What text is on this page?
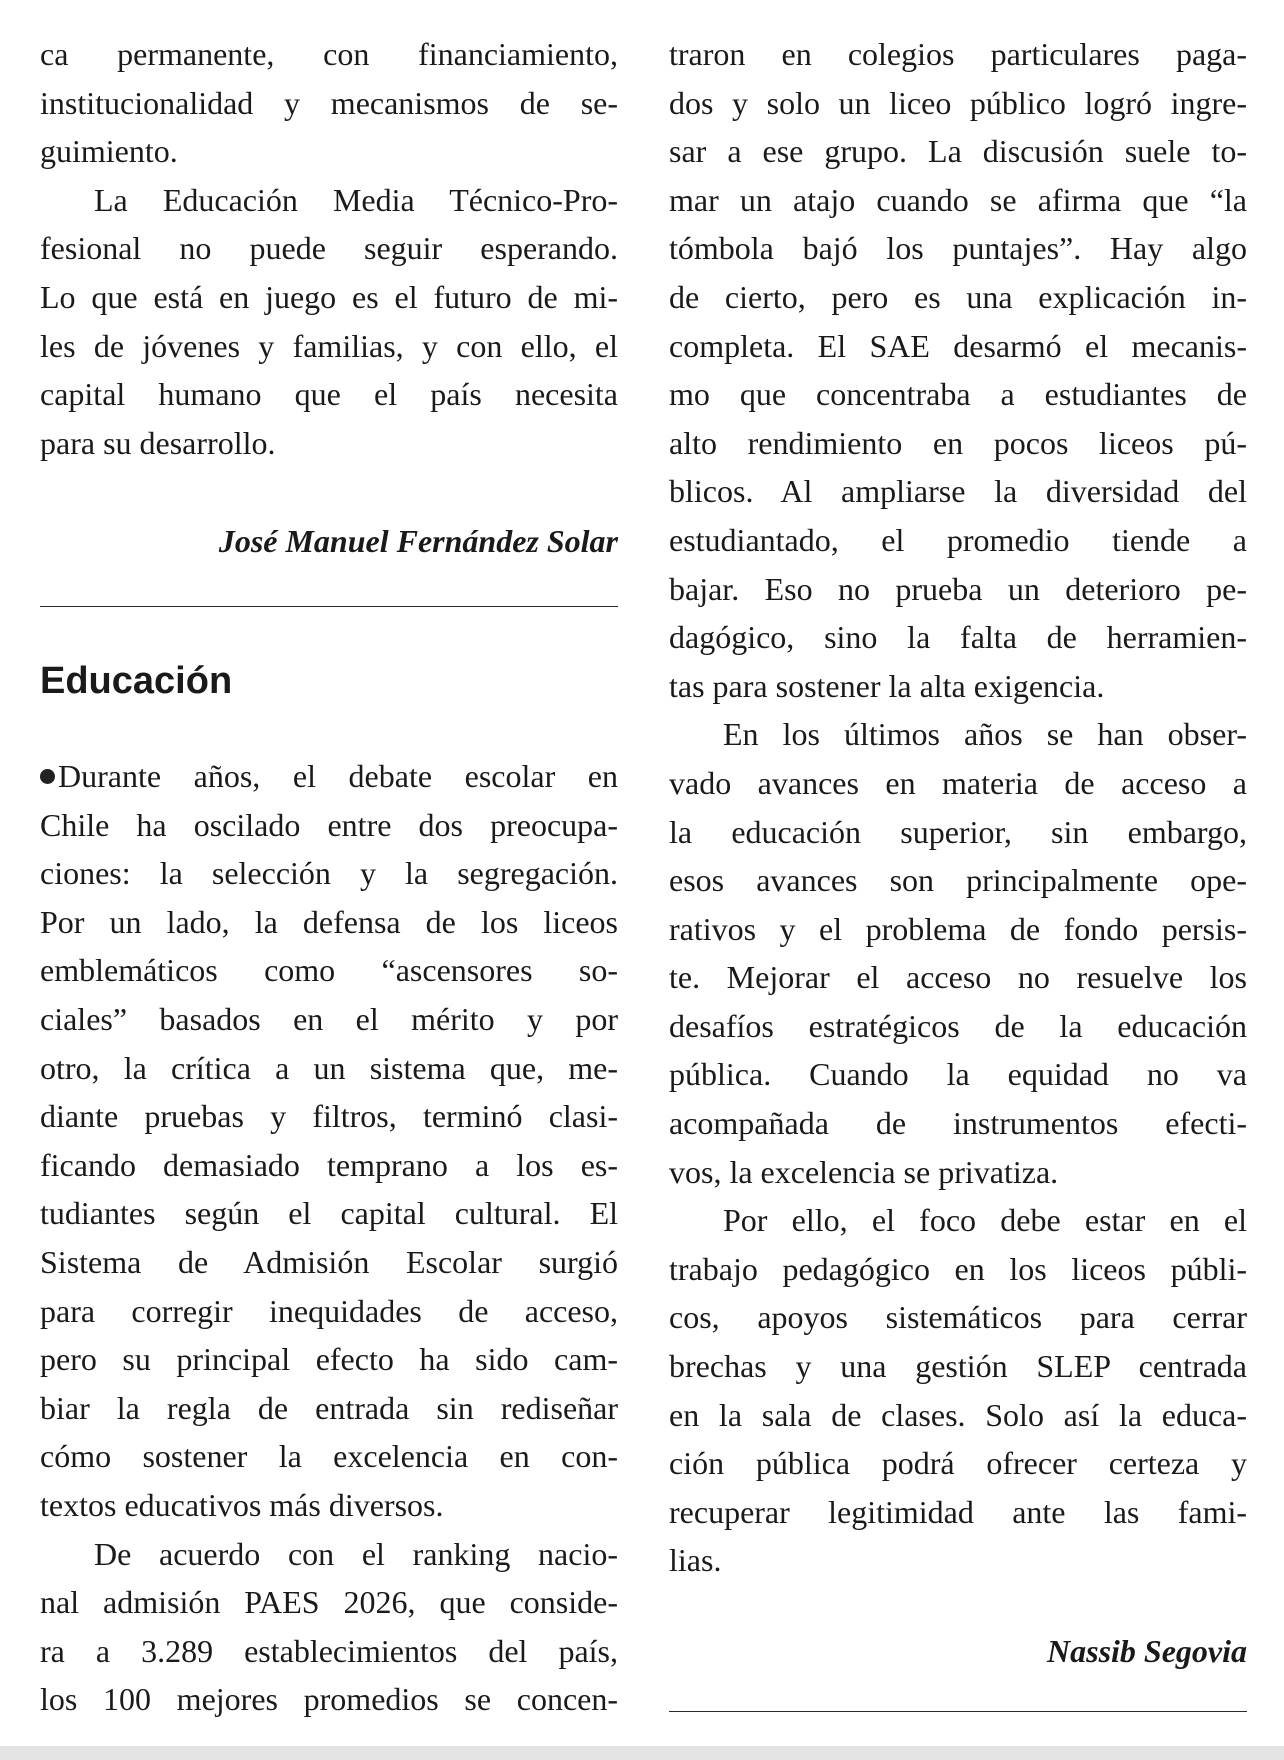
ca permanente, con financiamiento,
institucionalidad y mecanismos de se-
guimiento.
La Educación Media Técnico-Pro-
fesional no puede seguir esperando.
Lo que está en juego es el futuro de mi-
les de jóvenes y familias, y con ello, el
capital humano que el país necesita
para su desarrollo.
José Manuel Fernández Solar
Educación
Durante años, el debate escolar en
Chile ha oscilado entre dos preocupa-
ciones: la selección y la segregación.
Por un lado, la defensa de los liceos
emblemáticos como “ascensores so-
ciales” basados en el mérito y por
otro, la crítica a un sistema que, me-
diante pruebas y filtros, terminó clasi-
ficando demasiado temprano a los es-
tudiantes según el capital cultural. El
Sistema de Admisión Escolar surgió
para corregir inequidades de acceso,
pero su principal efecto ha sido cam-
biar la regla de entrada sin rediseñar
cómo sostener la excelencia en con-
textos educativos más diversos.
De acuerdo con el ranking nacio-
nal admisión PAES 2026, que conside-
ra a 3.289 establecimientos del país,
los 100 mejores promedios se concen-
traron en colegios particulares paga-
dos y solo un liceo público logró ingre-
sar a ese grupo. La discusión suele to-
mar un atajo cuando se afirma que “la
tómbola bajó los puntajes”. Hay algo
de cierto, pero es una explicación in-
completa. El SAE desarmó el mecanis-
mo que concentraba a estudiantes de
alto rendimiento en pocos liceos pú-
blicos. Al ampliarse la diversidad del
estudiantado, el promedio tiende a
bajar. Eso no prueba un deterioro pe-
dagógico, sino la falta de herramien-
tas para sostener la alta exigencia.
En los últimos años se han obser-
vado avances en materia de acceso a
la educación superior, sin embargo,
esos avances son principalmente ope-
rativos y el problema de fondo persis-
te. Mejorar el acceso no resuelve los
desafíos estratégicos de la educación
pública. Cuando la equidad no va
acompañada de instrumentos efecti-
vos, la excelencia se privatiza.
Por ello, el foco debe estar en el
trabajo pedagógico en los liceos públi-
cos, apoyos sistemáticos para cerrar
brechas y una gestión SLEP centrada
en la sala de clases. Solo así la educa-
ción pública podrá ofrecer certeza y
recuperar legitimidad ante las fami-
lias.
Nassib Segovia
